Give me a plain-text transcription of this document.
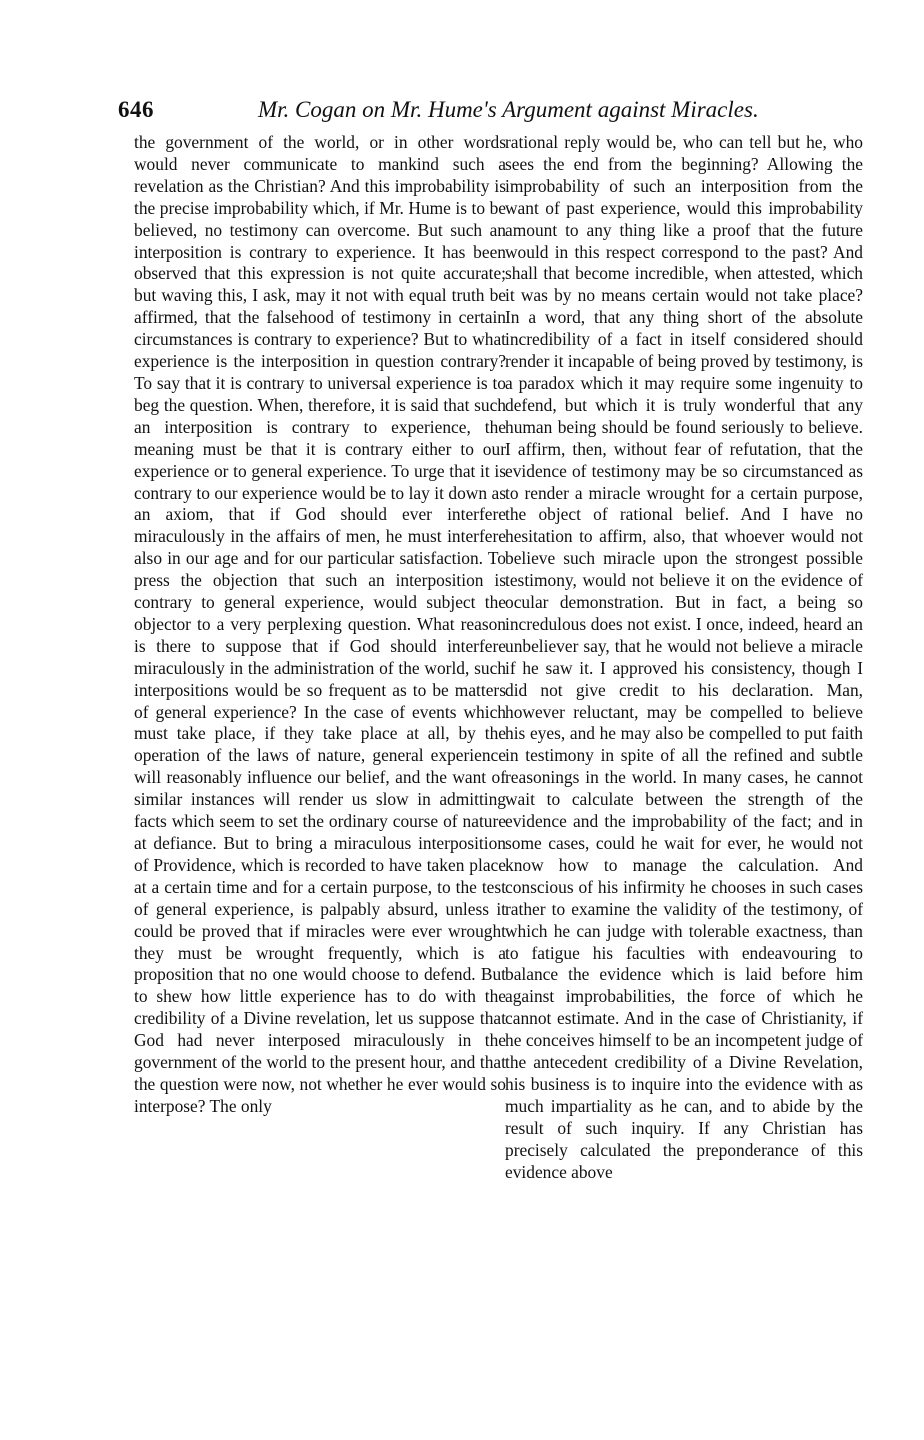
646	Mr. Cogan on Mr. Hume's Argument against Miracles.

the government of the world, or in other words would never communicate to mankind such a revelation as the Christian? And this improbability is the precise improbability which, if Mr. Hume is to be believed, no testimony can overcome. But such an interposition is contrary to experience. It has been observed that this expression is not quite accurate; but waving this, I ask, may it not with equal truth be affirmed, that the falsehood of testimony in certain circumstances is contrary to experience? But to what experience is the interposition in question contrary? To say that it is contrary to universal experience is to beg the question. When, therefore, it is said that such an interposition is contrary to experience, the meaning must be that it is contrary either to our experience or to general experience. To urge that it is contrary to our experience would be to lay it down as an axiom, that if God should ever interfere miraculously in the affairs of men, he must interfere also in our age and for our particular satisfaction. To press the objection that such an interposition is contrary to general experience, would subject the objector to a very perplexing question. What reason is there to suppose that if God should interfere miraculously in the administration of the world, such interpositions would be so frequent as to be matters of general experience? In the case of events which must take place, if they take place at all, by the operation of the laws of nature, general experience will reasonably influence our belief, and the want of similar instances will render us slow in admitting facts which seem to set the ordinary course of nature at defiance. But to bring a miraculous interposition of Providence, which is recorded to have taken place at a certain time and for a certain purpose, to the test of general experience, is palpably absurd, unless it could be proved that if miracles were ever wrought they must be wrought frequently, which is a proposition that no one would choose to defend. But to shew how little experience has to do with the credibility of a Divine revelation, let us suppose that God had never interposed miraculously in the government of the world to the present hour, and that the question were now, not whether he ever would so interpose? The only

rational reply would be, who can tell but he, who sees the end from the beginning? Allowing the improbability of such an interposition from the want of past experience, would this improbability amount to any thing like a proof that the future would in this respect correspond to the past? And shall that become incredible, when attested, which it was by no means certain would not take place? In a word, that any thing short of the absolute incredibility of a fact in itself considered should render it incapable of being proved by testimony, is a paradox which it may require some ingenuity to defend, but which it is truly wonderful that any human being should be found seriously to believe. I affirm, then, without fear of refutation, that the evidence of testimony may be so circumstanced as to render a miracle wrought for a certain purpose, the object of rational belief. And I have no hesitation to affirm, also, that whoever would not believe such miracle upon the strongest possible testimony, would not believe it on the evidence of ocular demonstration. But in fact, a being so incredulous does not exist. I once, indeed, heard an unbeliever say, that he would not believe a miracle if he saw it. I approved his consistency, though I did not give credit to his declaration. Man, however reluctant, may be compelled to believe his eyes, and he may also be compelled to put faith in testimony in spite of all the refined and subtle reasonings in the world. In many cases, he cannot wait to calculate between the strength of the evidence and the improbability of the fact; and in some cases, could he wait for ever, he would not know how to manage the calculation. And conscious of his infirmity he chooses in such cases rather to examine the validity of the testimony, of which he can judge with tolerable exactness, than to fatigue his faculties with endeavouring to balance the evidence which is laid before him against improbabilities, the force of which he cannot estimate. And in the case of Christianity, if he conceives himself to be an incompetent judge of the antecedent credibility of a Divine Revelation, his business is to inquire into the evidence with as much impartiality as he can, and to abide by the result of such inquiry. If any Christian has precisely calculated the preponderance of this evidence above
